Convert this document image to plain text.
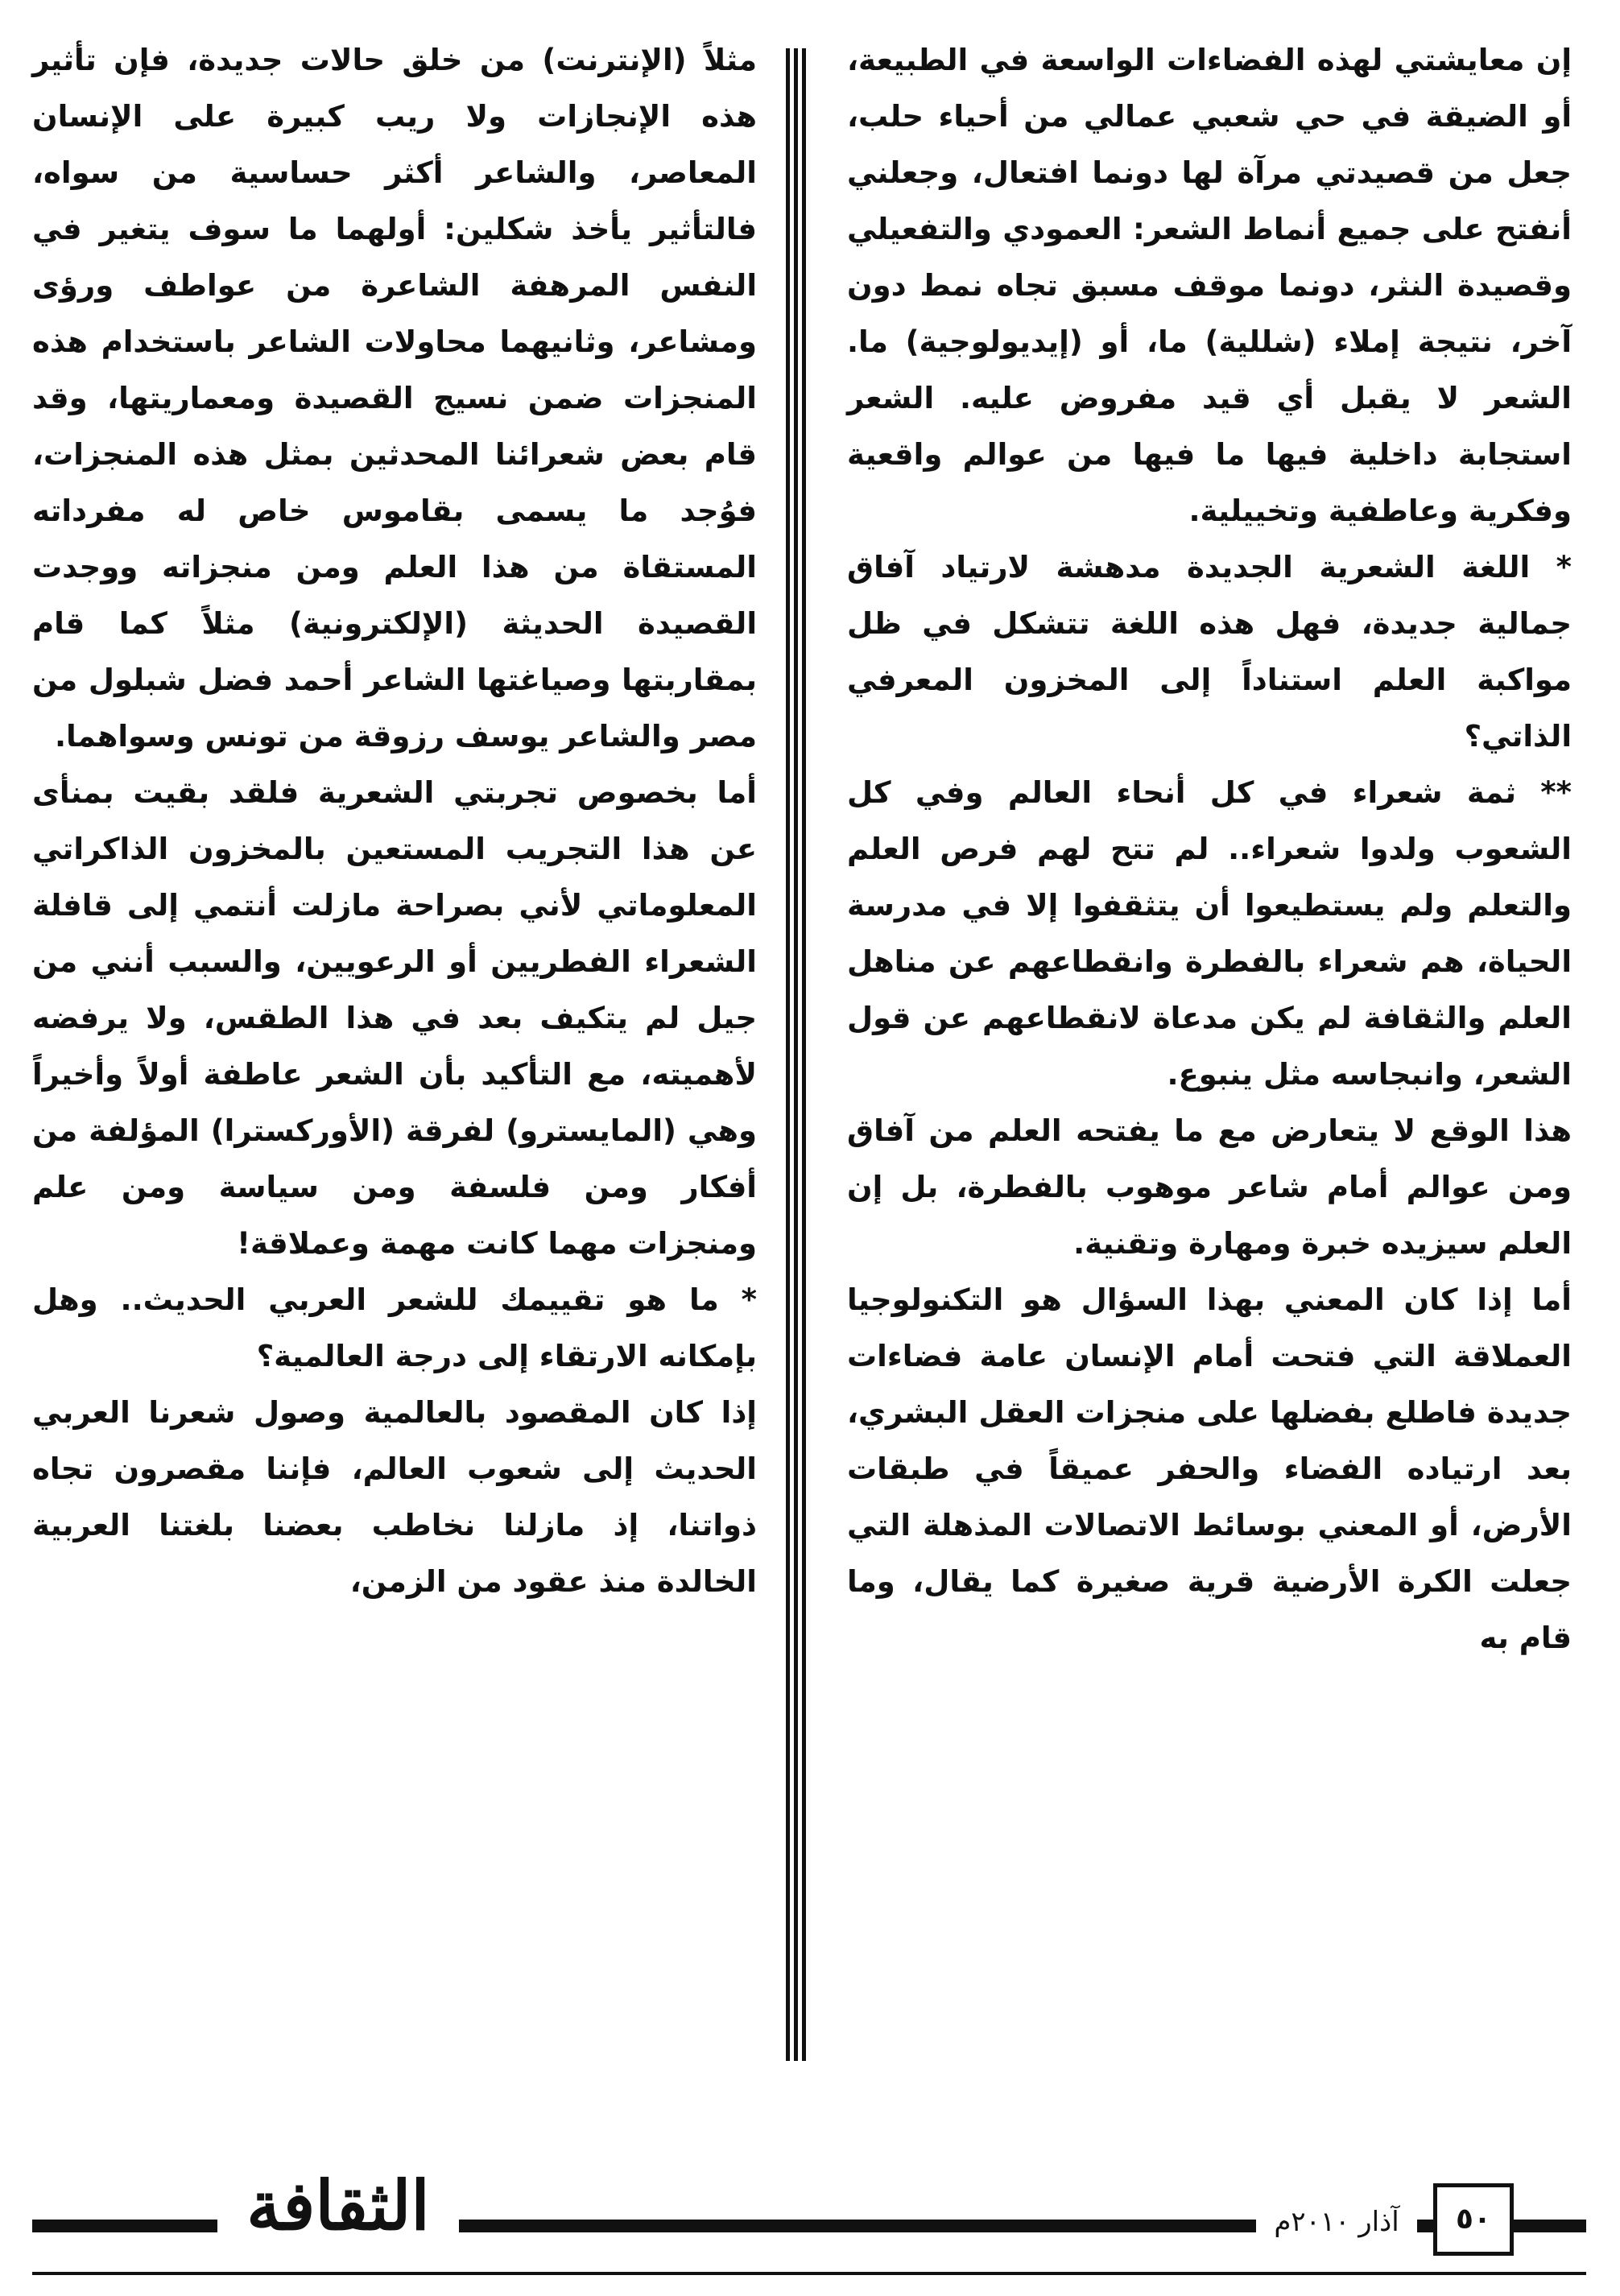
إن معايشتي لهذه الفضاءات الواسعة في الطبيعة، أو الضيقة في حي شعبي عمالي من أحياء حلب، جعل من قصيدتي مرآة لها دونما افتعال، وجعلني أنفتح على جميع أنماط الشعر: العمودي والتفعيلي وقصيدة النثر، دونما موقف مسبق تجاه نمط دون آخر، نتيجة إملاء (شللية) ما، أو (إيديولوجية) ما. الشعر لا يقبل أي قيد مفروض عليه. الشعر استجابة داخلية فيها ما فيها من عوالم واقعية وفكرية وعاطفية وتخييلية.

* اللغة الشعرية الجديدة مدهشة لارتياد آفاق جمالية جديدة، فهل هذه اللغة تتشكل في ظل مواكبة العلم استناداً إلى المخزون المعرفي الذاتي؟

** ثمة شعراء في كل أنحاء العالم وفي كل الشعوب ولدوا شعراء.. لم تتح لهم فرص العلم والتعلم ولم يستطيعوا أن يتثقفوا إلا في مدرسة الحياة، هم شعراء بالفطرة وانقطاعهم عن مناهل العلم والثقافة لم يكن مدعاة لانقطاعهم عن قول الشعر، وانبجاسه مثل ينبوع.

هذا الوقع لا يتعارض مع ما يفتحه العلم من آفاق ومن عوالم أمام شاعر موهوب بالفطرة، بل إن العلم سيزيده خبرة ومهارة وتقنية.

أما إذا كان المعني بهذا السؤال هو التكنولوجيا العملاقة التي فتحت أمام الإنسان عامة فضاءات جديدة فاطلع بفضلها على منجزات العقل البشري، بعد ارتياده الفضاء والحفر عميقاً في طبقات الأرض، أو المعني بوسائط الاتصالات المذهلة التي جعلت الكرة الأرضية قرية صغيرة كما يقال، وما قام به

مثلاً (الإنترنت) من خلق حالات جديدة، فإن تأثير هذه الإنجازات ولا ريب كبيرة على الإنسان المعاصر، والشاعر أكثر حساسية من سواه، فالتأثير يأخذ شكلين: أولهما ما سوف يتغير في النفس المرهفة الشاعرة من عواطف ورؤى ومشاعر، وثانيهما محاولات الشاعر باستخدام هذه المنجزات ضمن نسيج القصيدة ومعماريتها، وقد قام بعض شعرائنا المحدثين بمثل هذه المنجزات، فوُجد ما يسمى بقاموس خاص له مفرداته المستقاة من هذا العلم ومن منجزاته ووجدت القصيدة الحديثة (الإلكترونية) مثلاً كما قام بمقاربتها وصياغتها الشاعر أحمد فضل شبلول من مصر والشاعر يوسف رزوقة من تونس وسواهما.

أما بخصوص تجربتي الشعرية فلقد بقيت بمنأى عن هذا التجريب المستعين بالمخزون الذاكراتي المعلوماتي لأني بصراحة مازلت أنتمي إلى قافلة الشعراء الفطريين أو الرعويين، والسبب أنني من جيل لم يتكيف بعد في هذا الطقس، ولا يرفضه لأهميته، مع التأكيد بأن الشعر عاطفة أولاً وأخيراً وهي (المايسترو) لفرقة (الأوركسترا) المؤلفة من أفكار ومن فلسفة ومن سياسة ومن علم ومنجزات مهما كانت مهمة وعملاقة!

* ما هو تقييمك للشعر العربي الحديث.. وهل بإمكانه الارتقاء إلى درجة العالمية؟

إذا كان المقصود بالعالمية وصول شعرنا العربي الحديث إلى شعوب العالم، فإننا مقصرون تجاه ذواتنا، إذ مازلنا نخاطب بعضنا بلغتنا العربية الخالدة منذ عقود من الزمن،

الثقافة	آذار ٢٠١٠م	٥٠
